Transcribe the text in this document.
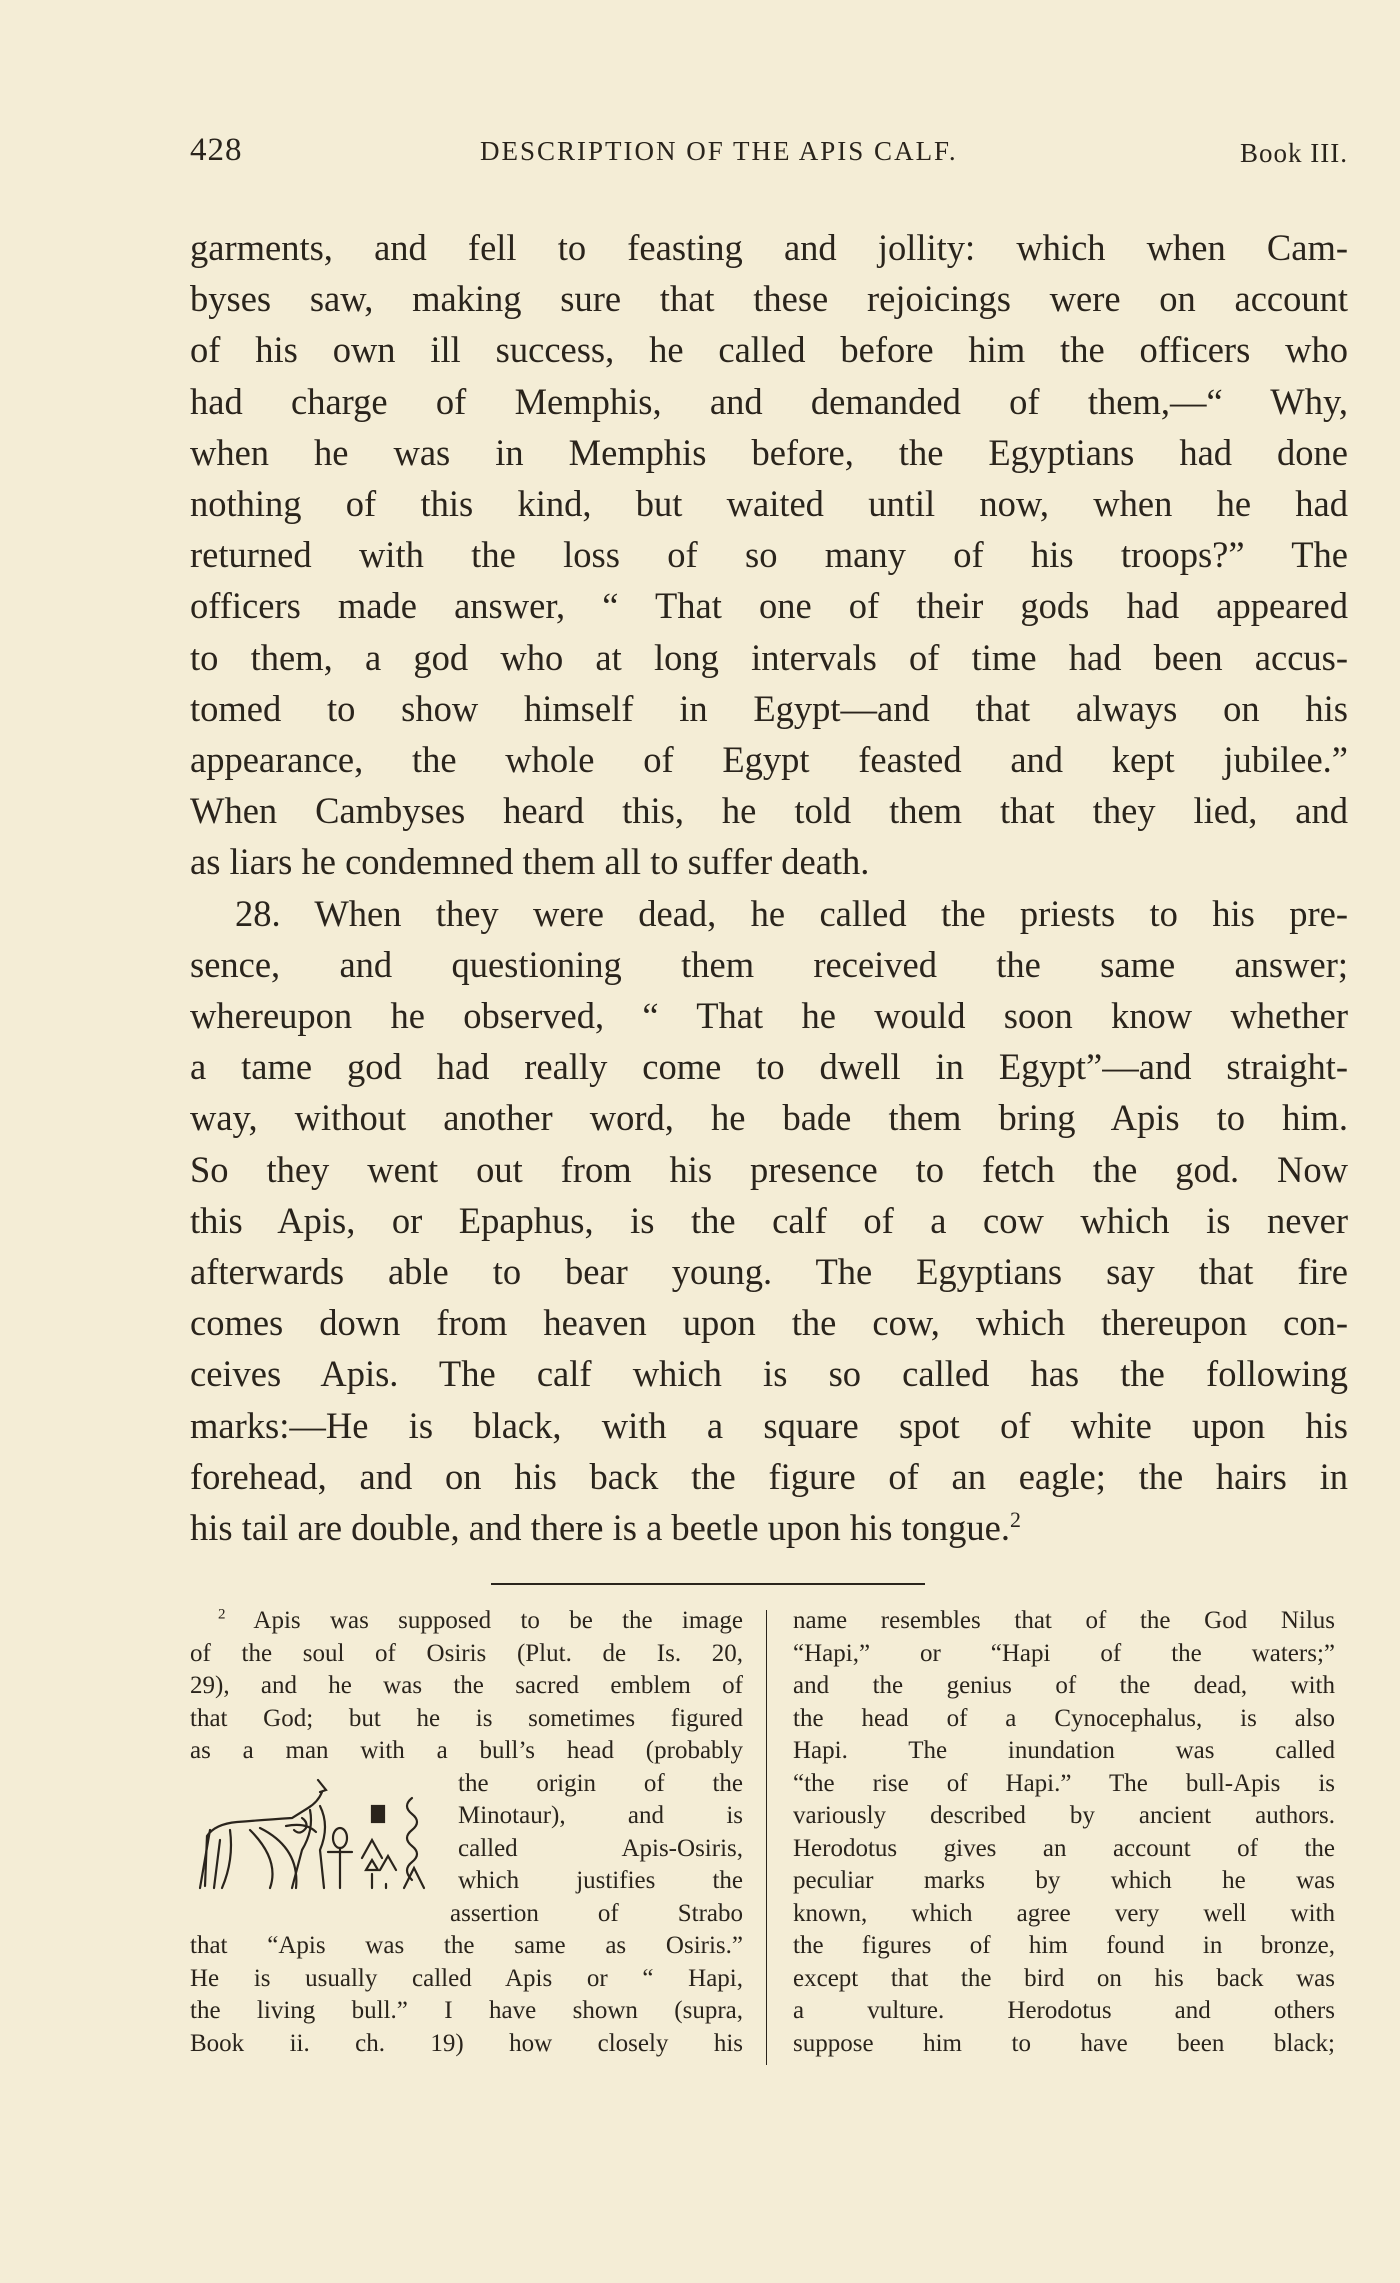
428	DESCRIPTION OF THE APIS CALF.	Book III.
garments, and fell to feasting and jollity: which when Cam-
byses saw, making sure that these rejoicings were on account
of his own ill success, he called before him the officers who
had charge of Memphis, and demanded of them,—“ Why,
when he was in Memphis before, the Egyptians had done
nothing of this kind, but waited until now, when he had
returned with the loss of so many of his troops?” The
officers made answer, “ That one of their gods had appeared
to them, a god who at long intervals of time had been accus-
tomed to show himself in Egypt—and that always on his
appearance, the whole of Egypt feasted and kept jubilee.”
When Cambyses heard this, he told them that they lied, and
as liars he condemned them all to suffer death.
28. When they were dead, he called the priests to his pre-
sence, and questioning them received the same answer;
whereupon he observed, “ That he would soon know whether
a tame god had really come to dwell in Egypt”—and straight-
way, without another word, he bade them bring Apis to him.
So they went out from his presence to fetch the god. Now
this Apis, or Epaphus, is the calf of a cow which is never
afterwards able to bear young. The Egyptians say that fire
comes down from heaven upon the cow, which thereupon con-
ceives Apis. The calf which is so called has the following
marks:—He is black, with a square spot of white upon his
forehead, and on his back the figure of an eagle; the hairs in
his tail are double, and there is a beetle upon his tongue.$^2$
$^2$ Apis was supposed to be the image
of the soul of Osiris (Plut. de Is. 20,
29), and he was the sacred emblem of
that God; but he is sometimes figured
as a man with a bull’s head (probably
the origin of the
Minotaur), and is
called Apis-Osiris,
which justifies the
assertion of Strabo
that “Apis was the same as Osiris.”
He is usually called Apis or “ Hapi,
the living bull.” I have shown (supra,
Book ii. ch. 19) how closely his
name resembles that of the God Nilus
“Hapi,” or “Hapi of the waters;”
and the genius of the dead, with
the head of a Cynocephalus, is also
Hapi. The inundation was called
“the rise of Hapi.” The bull-Apis is
variously described by ancient authors.
Herodotus gives an account of the
peculiar marks by which he was
known, which agree very well with
the figures of him found in bronze,
except that the bird on his back was
a vulture. Herodotus and others
suppose him to have been black;
